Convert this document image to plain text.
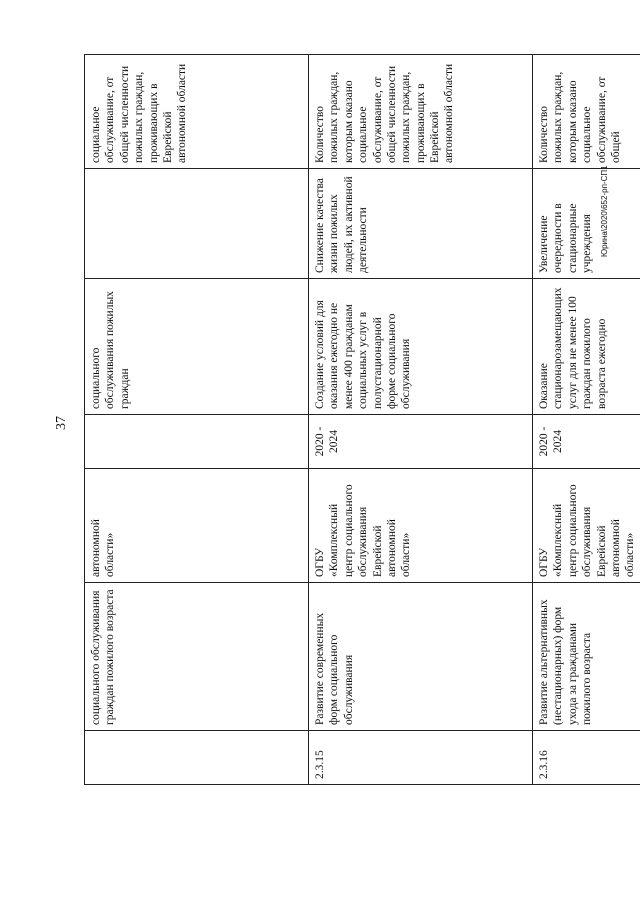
37
Юрина\2020\652-рп-СП1
	социального обслуживания граждан пожилого возраста	автономной области»		социального обслуживания пожилых граждан		социальное обслуживание, от общей численности пожилых граждан, проживающих в Еврейской автономной области
2.3.15	Развитие современных форм социального обслуживания	ОГБУ «Комплексный центр социального обслуживания Еврейской автономной области»	2020 - 2024	Создание условий для оказания ежегодно не менее 400 гражданам социальных услуг в полустационарной форме социального обслуживания	Снижение качества жизни пожилых людей, их активной деятельности	Количество пожилых граждан, которым оказано социальное обслуживание, от общей численности пожилых граждан, проживающих в Еврейской автономной области
2.3.16	Развитие альтернативных (нестационарных) форм ухода за гражданами пожилого возраста	ОГБУ «Комплексный центр социального обслуживания Еврейской автономной области»	2020 - 2024	Оказание стационарозамещающих услуг для не менее 100 граждан пожилого возраста ежегодно	Увеличение очередности в стационарные учреждения	Количество пожилых граждан, которым оказано социальное обслуживание, от общей
